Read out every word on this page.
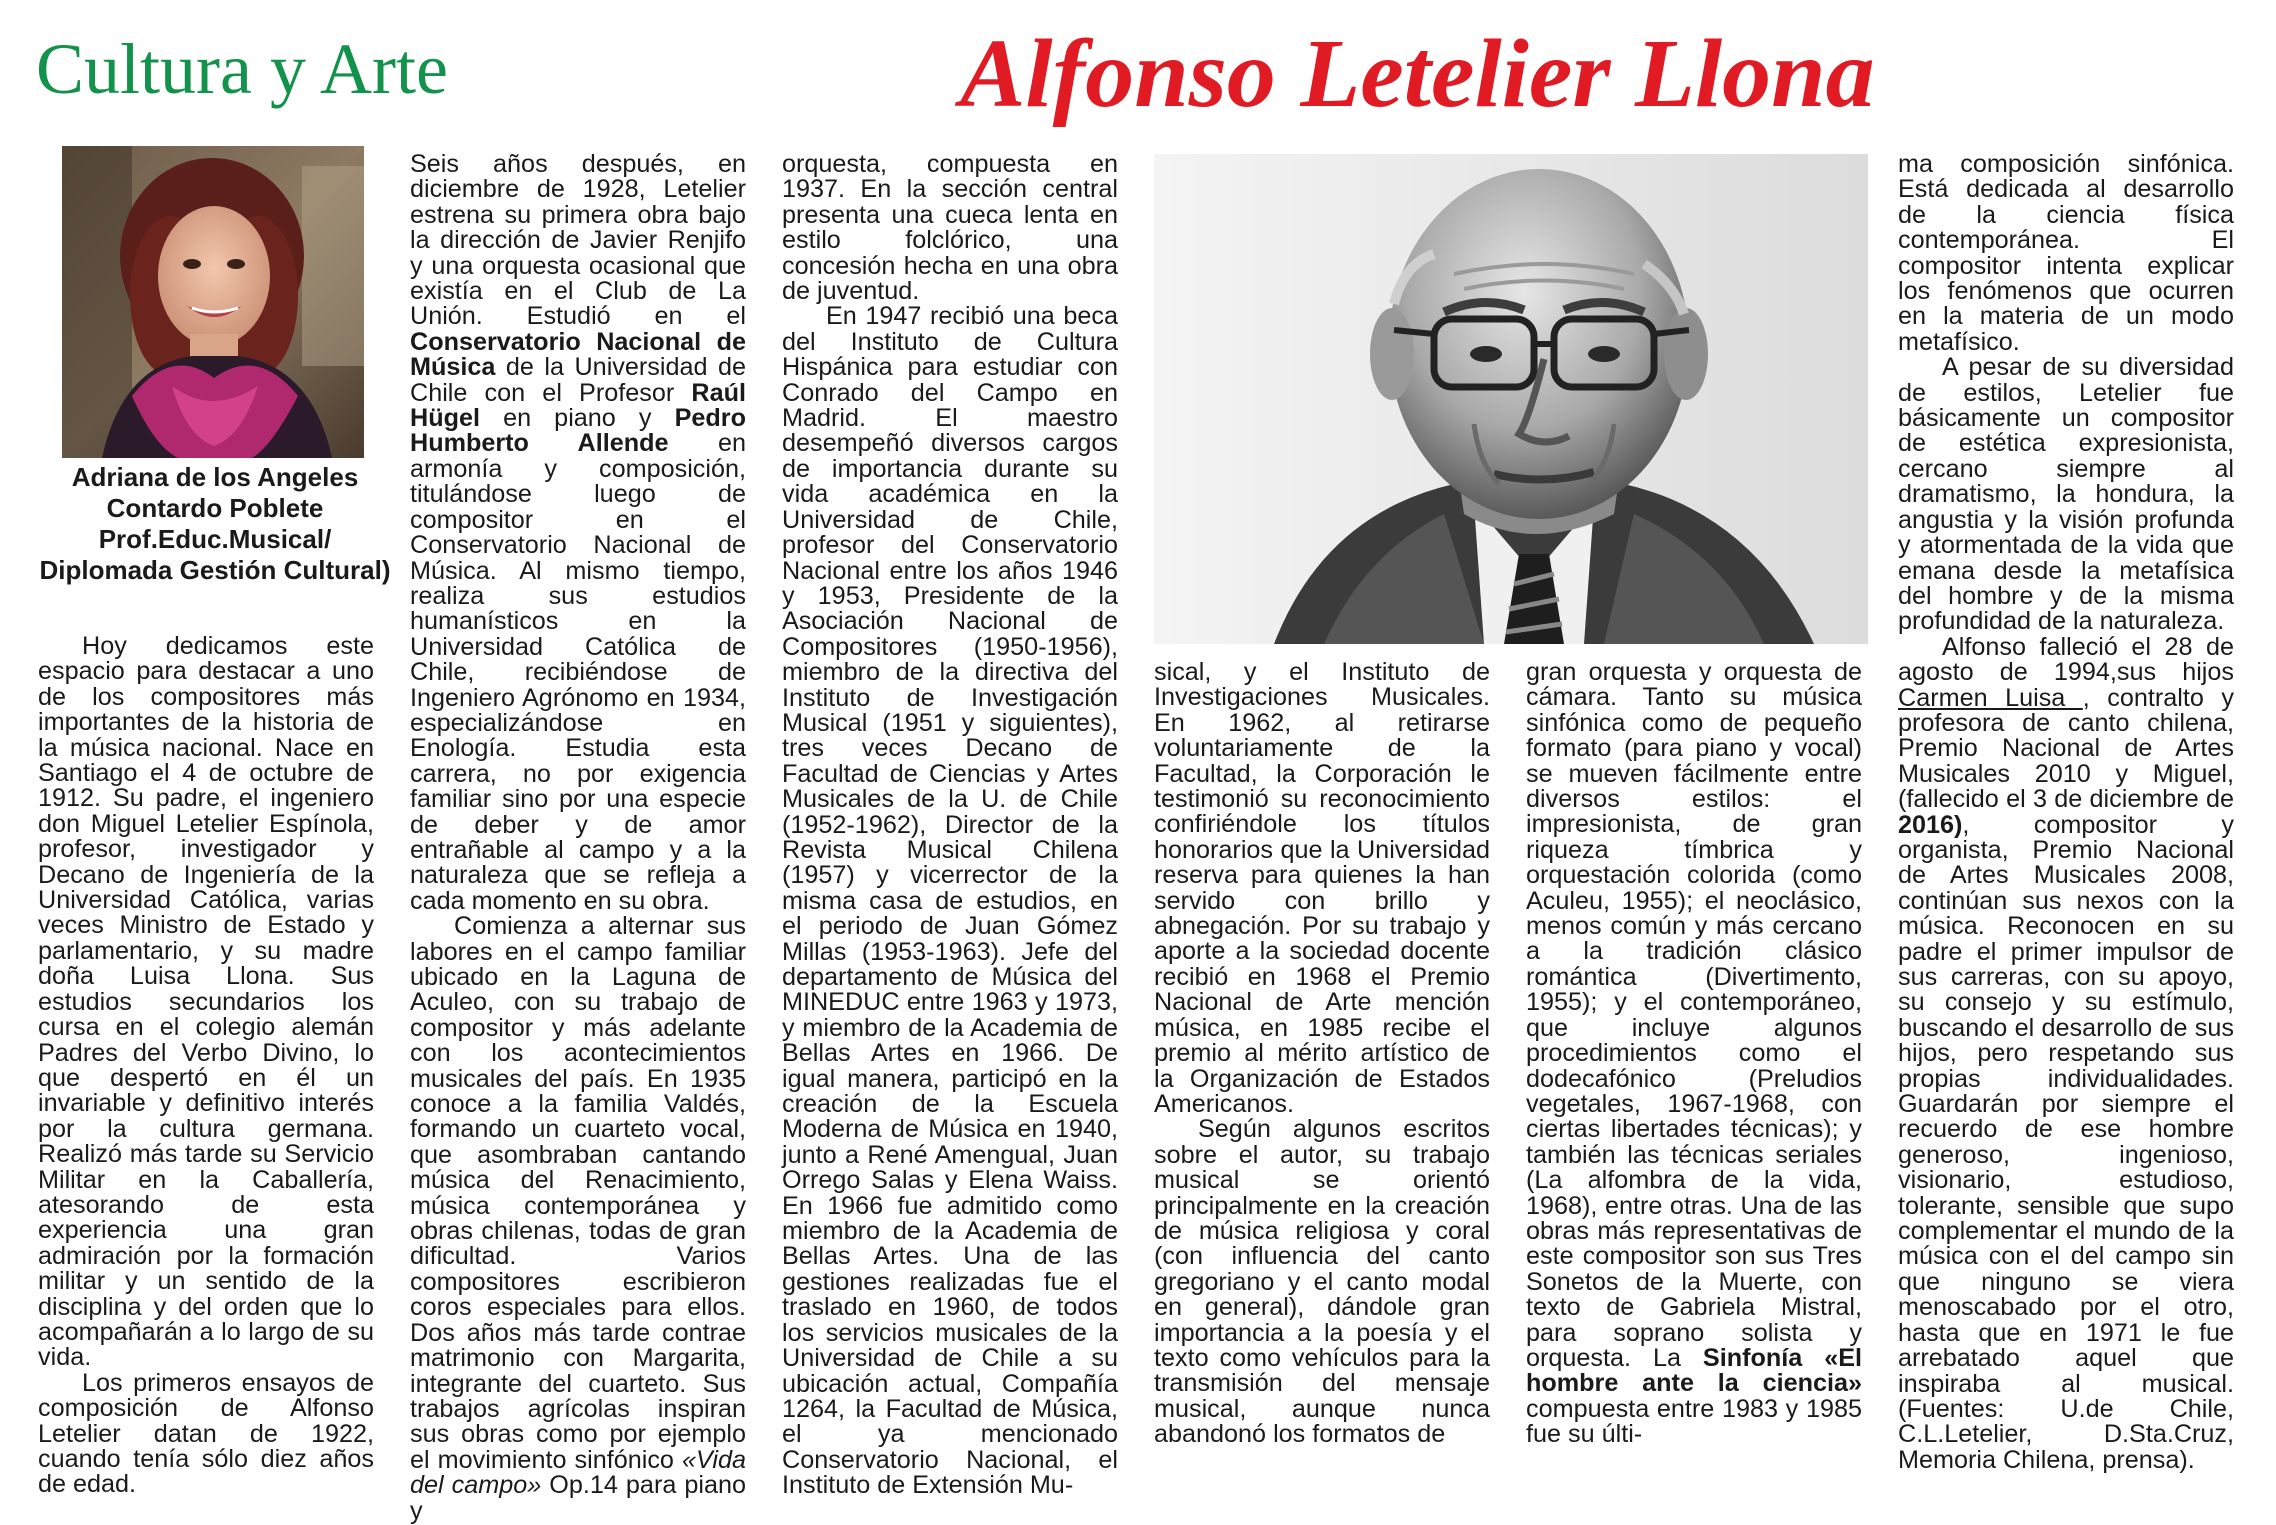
Cultura y Arte	Alfonso Letelier Llona
Adriana de los Angeles Contardo Poblete
Prof.Educ.Musical/ Diplomada Gestión Cultural)

Hoy dedicamos este espacio para destacar a uno de los compositores más importantes de la historia de la música nacional. Nace en Santiago el 4 de octubre de 1912. Su padre, el ingeniero don Miguel Letelier Espínola, profesor, investigador y Decano de Ingeniería de la Universidad Católica, varias veces Ministro de Estado y parlamentario, y su madre doña Luisa Llona. Sus estudios secundarios los cursa en el colegio alemán Padres del Verbo Divino, lo que despertó en él un invariable y definitivo interés por la cultura germana. Realizó más tarde su Servicio Militar en la Caballería, atesorando de esta experiencia una gran admiración por la formación militar y un sentido de la disciplina y del orden que lo acompañarán a lo largo de su vida.

Los primeros ensayos de composición de Alfonso Letelier datan de 1922, cuando tenía sólo diez años de edad.

Seis años después, en diciembre de 1928, Letelier estrena su primera obra bajo la dirección de Javier Renjifo y una orquesta ocasional que existía en el Club de La Unión. Estudió en el Conservatorio Nacional de Música de la Universidad de Chile con el Profesor Raúl Hügel en piano y Pedro Humberto Allende en armonía y composición, titulándose luego de compositor en el Conservatorio Nacional de Música. Al mismo tiempo, realiza sus estudios humanísticos en la Universidad Católica de Chile, recibiéndose de Ingeniero Agrónomo en 1934, especializándose en Enología. Estudia esta carrera, no por exigencia familiar sino por una especie de deber y de amor entrañable al campo y a la naturaleza que se refleja a cada momento en su obra.

Comienza a alternar sus labores en el campo familiar ubicado en la Laguna de Aculeo, con su trabajo de compositor y más adelante con los acontecimientos musicales del país. En 1935 conoce a la familia Valdés, formando un cuarteto vocal, que asombraban cantando música del Renacimiento, música contemporánea y obras chilenas, todas de gran dificultad. Varios compositores escribieron coros especiales para ellos. Dos años más tarde contrae matrimonio con Margarita, integrante del cuarteto. Sus trabajos agrícolas inspiran sus obras como por ejemplo el movimiento sinfónico «Vida del campo» Op.14 para piano y

orquesta, compuesta en 1937. En la sección central presenta una cueca lenta en estilo folclórico, una concesión hecha en una obra de juventud.

En 1947 recibió una beca del Instituto de Cultura Hispánica para estudiar con Conrado del Campo en Madrid. El maestro desempeñó diversos cargos de importancia durante su vida académica en la Universidad de Chile, profesor del Conservatorio Nacional entre los años 1946 y 1953, Presidente de la Asociación Nacional de Compositores (1950-1956), miembro de la directiva del Instituto de Investigación Musical (1951 y siguientes), tres veces Decano de Facultad de Ciencias y Artes Musicales de la U. de Chile (1952-1962), Director de la Revista Musical Chilena (1957) y vicerrector de la misma casa de estudios, en el periodo de Juan Gómez Millas (1953-1963). Jefe del departamento de Música del MINEDUC entre 1963 y 1973, y miembro de la Academia de Bellas Artes en 1966. De igual manera, participó en la creación de la Escuela Moderna de Música en 1940, junto a René Amengual, Juan Orrego Salas y Elena Waiss. En 1966 fue admitido como miembro de la Academia de Bellas Artes. Una de las gestiones realizadas fue el traslado en 1960, de todos los servicios musicales de la Universidad de Chile a su ubicación actual, Compañía 1264, la Facultad de Música, el ya mencionado Conservatorio Nacional, el Instituto de Extensión Mu-

sical, y el Instituto de Investigaciones Musicales. En 1962, al retirarse voluntariamente de la Facultad, la Corporación le testimonió su reconocimiento confiriéndole los títulos honorarios que la Universidad reserva para quienes la han servido con brillo y abnegación. Por su trabajo y aporte a la sociedad docente recibió en 1968 el Premio Nacional de Arte mención música, en 1985 recibe el premio al mérito artístico de la Organización de Estados Americanos.

Según algunos escritos sobre el autor, su trabajo musical se orientó principalmente en la creación de música religiosa y coral (con influencia del canto gregoriano y el canto modal en general), dándole gran importancia a la poesía y el texto como vehículos para la transmisión del mensaje musical, aunque nunca abandonó los formatos de

gran orquesta y orquesta de cámara. Tanto su música sinfónica como de pequeño formato (para piano y vocal) se mueven fácilmente entre diversos estilos: el impresionista, de gran riqueza tímbrica y orquestación colorida (como Aculeu, 1955); el neoclásico, menos común y más cercano a la tradición clásico romántica (Divertimento, 1955); y el contemporáneo, que incluye algunos procedimientos como el dodecafónico (Preludios vegetales, 1967-1968, con ciertas libertades técnicas); y también las técnicas seriales (La alfombra de la vida, 1968), entre otras. Una de las obras más representativas de este compositor son sus Tres Sonetos de la Muerte, con texto de Gabriela Mistral, para soprano solista y orquesta. La Sinfonía «El hombre ante la ciencia» compuesta entre 1983 y 1985 fue su últi-

ma composición sinfónica. Está dedicada al desarrollo de la ciencia física contemporánea. El compositor intenta explicar los fenómenos que ocurren en la materia de un modo metafísico.

A pesar de su diversidad de estilos, Letelier fue básicamente un compositor de estética expresionista, cercano siempre al dramatismo, la hondura, la angustia y la visión profunda y atormentada de la vida que emana desde la metafísica del hombre y de la misma profundidad de la naturaleza.

Alfonso falleció el 28 de agosto de 1994,sus hijos Carmen Luisa , contralto y profesora de canto chilena, Premio Nacional de Artes Musicales 2010 y Miguel, (fallecido el 3 de diciembre de 2016), compositor y organista, Premio Nacional de Artes Musicales 2008, continúan sus nexos con la música. Reconocen en su padre el primer impulsor de sus carreras, con su apoyo, su consejo y su estímulo, buscando el desarrollo de sus hijos, pero respetando sus propias individualidades. Guardarán por siempre el recuerdo de ese hombre generoso, ingenioso, visionario, estudioso, tolerante, sensible que supo complementar el mundo de la música con el del campo sin que ninguno se viera menoscabado por el otro, hasta que en 1971 le fue arrebatado aquel que inspiraba al musical. (Fuentes: U.de Chile, C.L.Letelier, D.Sta.Cruz, Memoria Chilena, prensa).
